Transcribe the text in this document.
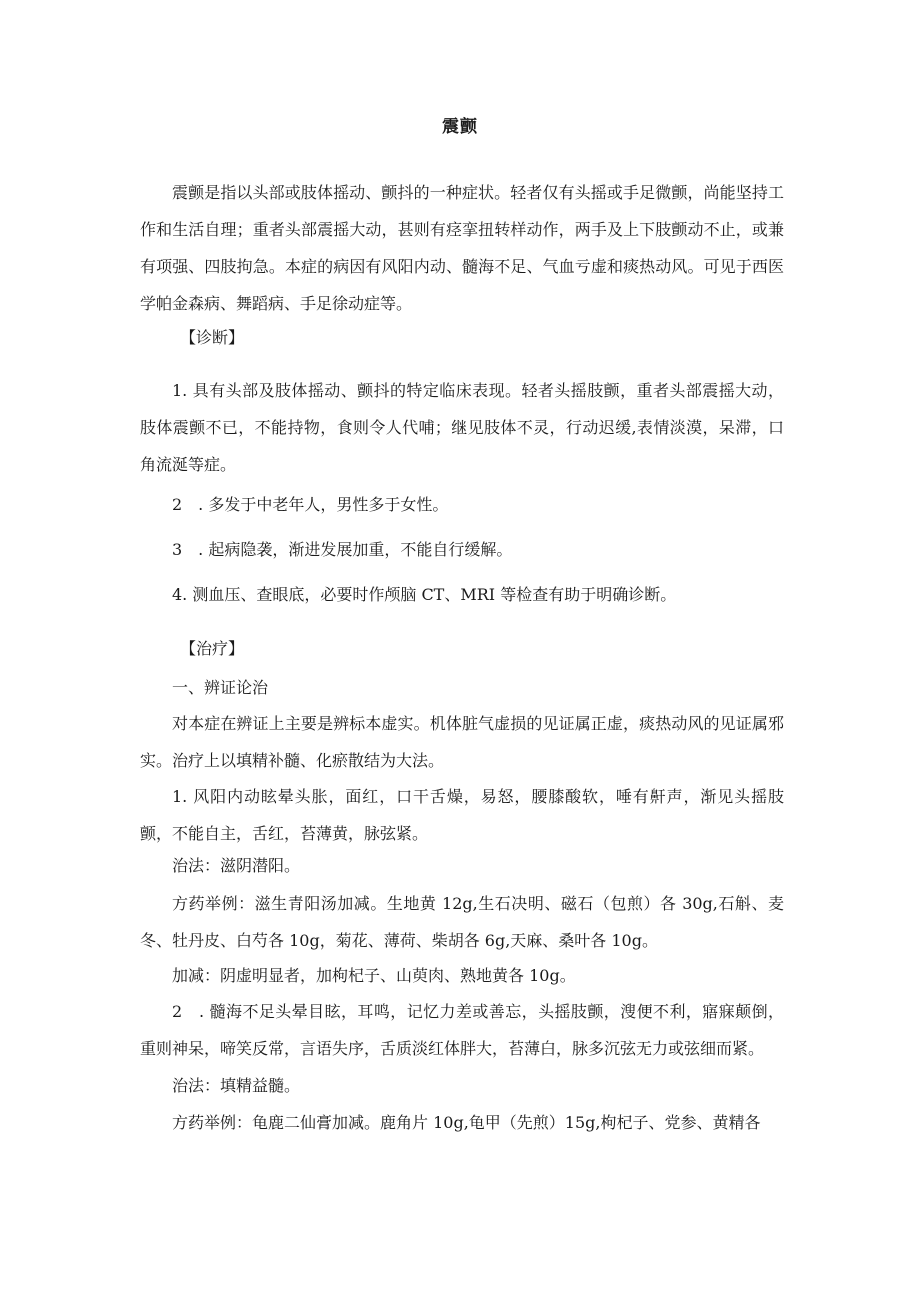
震颤

震颤是指以头部或肢体摇动、颤抖的一种症状。轻者仅有头摇或手足微颤，尚能坚持工作和生活自理；重者头部震摇大动，甚则有痉挛扭转样动作，两手及上下肢颤动不止，或兼有项强、四肢拘急。本症的病因有风阳内动、髓海不足、气血亏虚和痰热动风。可见于西医学帕金森病、舞蹈病、手足徐动症等。

【诊断】

1. 具有头部及肢体摇动、颤抖的特定临床表现。轻者头摇肢颤，重者头部震摇大动，肢体震颤不已，不能持物，食则令人代哺；继见肢体不灵，行动迟缓,表情淡漠，呆滞，口角流涎等症。

2　. 多发于中老年人，男性多于女性。

3　. 起病隐袭，渐进发展加重，不能自行缓解。

4. 测血压、查眼底，必要时作颅脑 CT、MRI 等检查有助于明确诊断。

【治疗】

一、辨证论治

对本症在辨证上主要是辨标本虚实。机体脏气虚损的见证属正虚，痰热动风的见证属邪实。治疗上以填精补髓、化瘀散结为大法。

1. 风阳内动眩晕头胀，面红，口干舌燥，易怒，腰膝酸软，唾有鼾声，渐见头摇肢颤，不能自主，舌红，苔薄黄，脉弦紧。

治法：滋阴潜阳。

方药举例：滋生青阳汤加减。生地黄 12g,生石决明、磁石（包煎）各 30g,石斛、麦冬、牡丹皮、白芍各 10g，菊花、薄荷、柴胡各 6g,天麻、桑叶各 10g。

加减：阴虚明显者，加枸杞子、山萸肉、熟地黄各 10g。

2　. 髓海不足头晕目眩，耳鸣，记忆力差或善忘，头摇肢颤，溲便不利，寤寐颠倒，重则神呆，啼笑反常，言语失序，舌质淡红体胖大，苔薄白，脉多沉弦无力或弦细而紧。

治法：填精益髓。

方药举例：龟鹿二仙膏加减。鹿角片 10g,龟甲（先煎）15g,枸杞子、党参、黄精各
